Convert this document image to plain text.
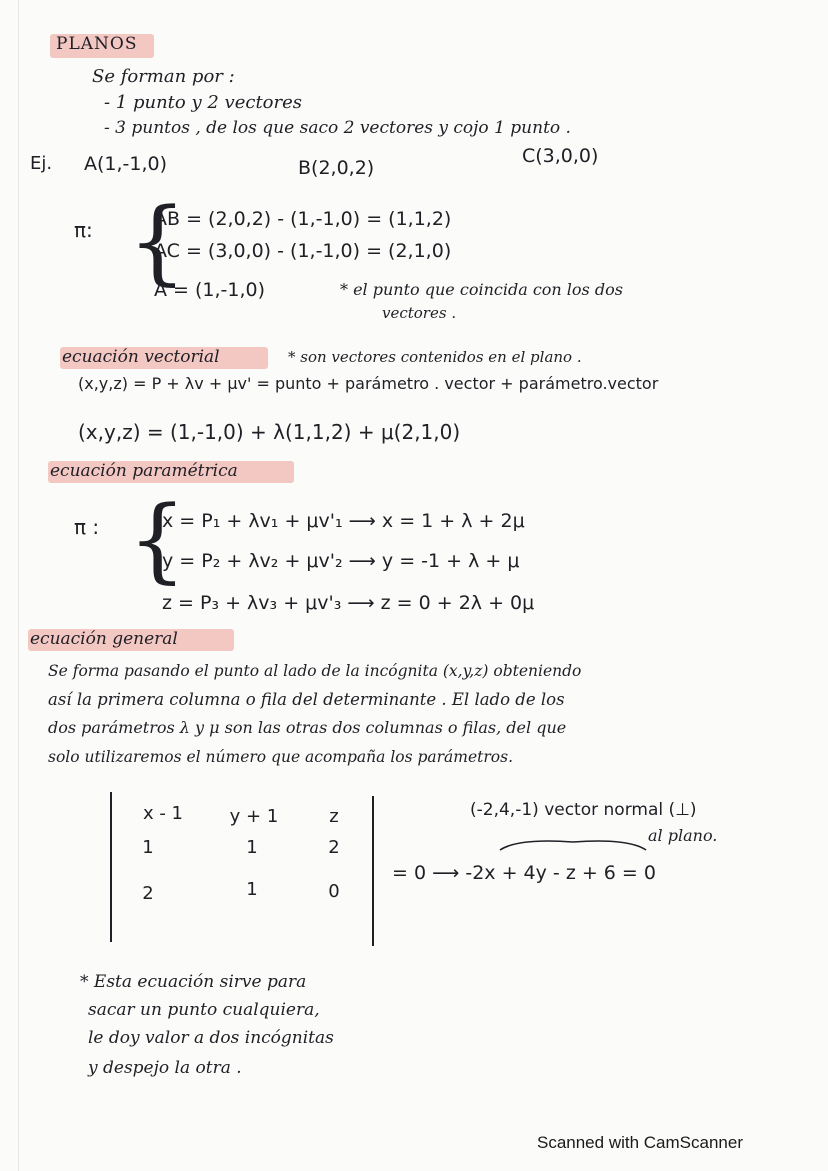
PLANOS
Se forman por :
- 1 punto y 2 vectores
- 3 puntos , de los que saco 2 vectores y cojo 1 punto .
Ej. A(1,-1,0)	B(2,0,2)
C(3,0,0)
π: {
AB = (2,0,2) - (1,-1,0) = (1,1,2)
AC = (3,0,0) - (1,-1,0) = (2,1,0)
A = (1,-1,0)	* el punto que coincida con los dos
vectores .
ecuación vectorial	* son vectores contenidos en el plano .
(x,y,z) = P + λv + μv' = punto + parámetro . vector + parámetro.vector
(x,y,z) = (1,-1,0) + λ(1,1,2) + μ(2,1,0)
ecuación paramétrica
π : {
x = P₁ + λv₁ + μv'₁ ⟶ x = 1 + λ + 2μ
y = P₂ + λv₂ + μv'₂ ⟶ y = -1 + λ + μ
z = P₃ + λv₃ + μv'₃ ⟶ z = 0 + 2λ + 0μ
ecuación general
Se forma pasando el punto al lado de la incógnita (x,y,z) obteniendo
así la primera columna o fila del determinante . El lado de los
dos parámetros λ y μ son las otras dos columnas o filas, del que
solo utilizaremos el número que acompaña los parámetros.
x - 1	y + 1	z
1	1	2
2	1	0
(-2,4,-1) vector normal (⊥)
al plano.
= 0 ⟶ -2x + 4y - z + 6 = 0
* Esta ecuación sirve para
sacar un punto cualquiera,
le doy valor a dos incógnitas
y despejo la otra .
Scanned with CamScanner
